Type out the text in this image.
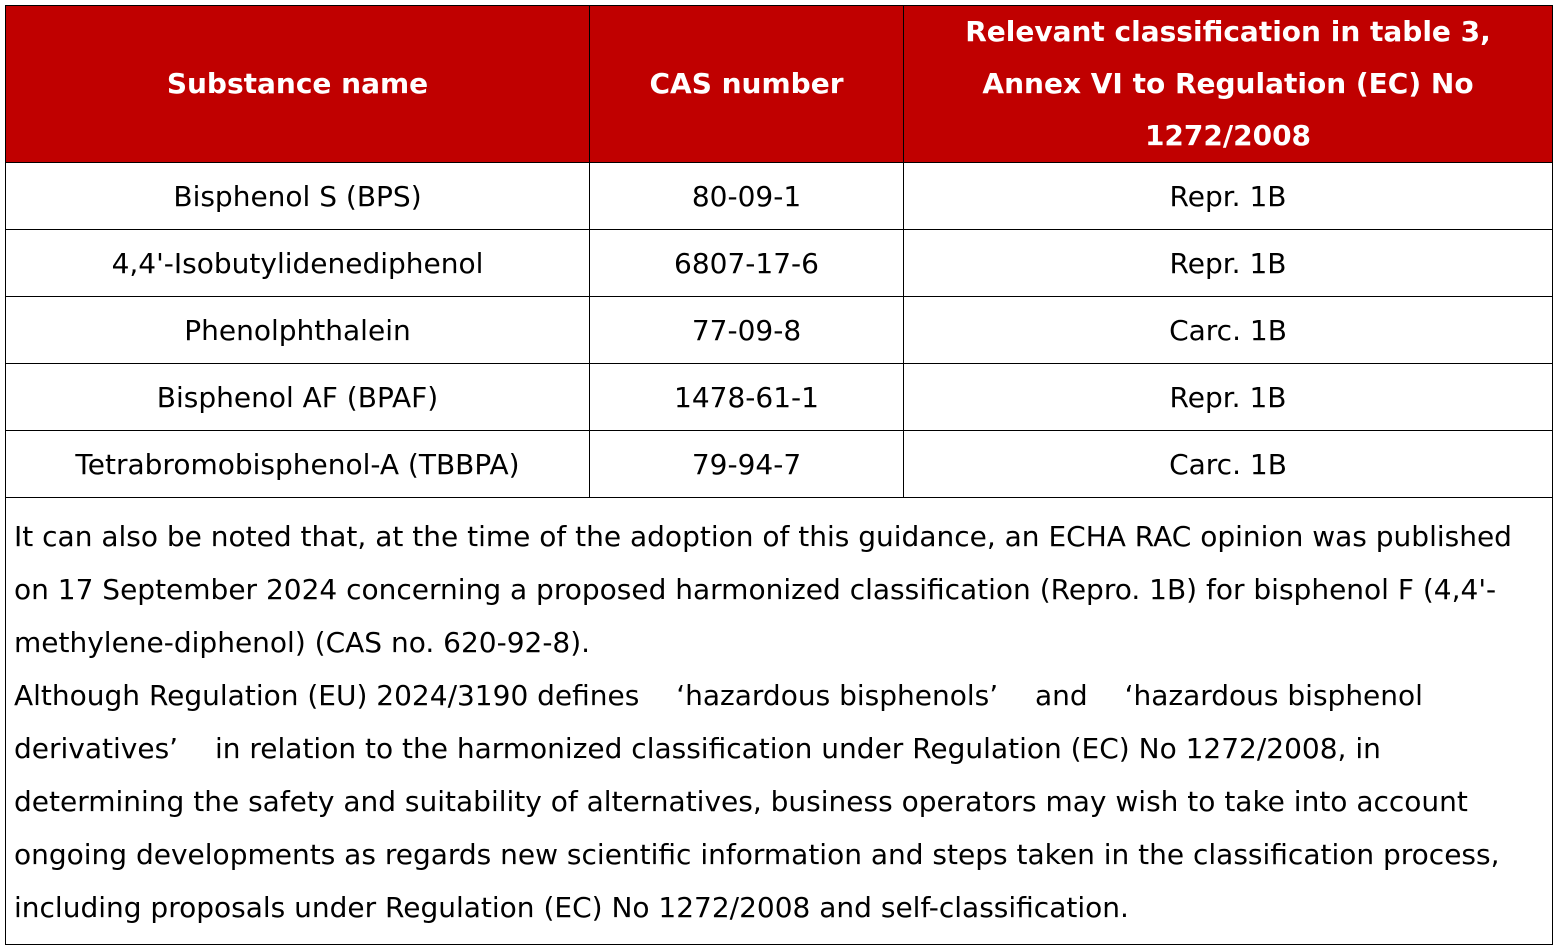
Substance name	CAS number	Relevant classification in table 3, Annex VI to Regulation (EC) No 1272/2008
Bisphenol S (BPS)	80-09-1	Repr. 1B
4,4'-Isobutylidenediphenol	6807-17-6	Repr. 1B
Phenolphthalein	77-09-8	Carc. 1B
Bisphenol AF (BPAF)	1478-61-1	Repr. 1B
Tetrabromobisphenol-A (TBBPA)	79-94-7	Carc. 1B

It can also be noted that, at the time of the adoption of this guidance, an ECHA RAC opinion was published on 17 September 2024 concerning a proposed harmonized classification (Repro. 1B) for bisphenol F (4,4'-methylene-diphenol) (CAS no. 620-92-8).

Although Regulation (EU) 2024/3190 defines 　‘hazardous bisphenols’　 and 　‘hazardous bisphenol derivatives’　 in relation to the harmonized classification under Regulation (EC) No 1272/2008, in determining the safety and suitability of alternatives, business operators may wish to take into account ongoing developments as regards new scientific information and steps taken in the classification process, including proposals under Regulation (EC) No 1272/2008 and self-classification.		
